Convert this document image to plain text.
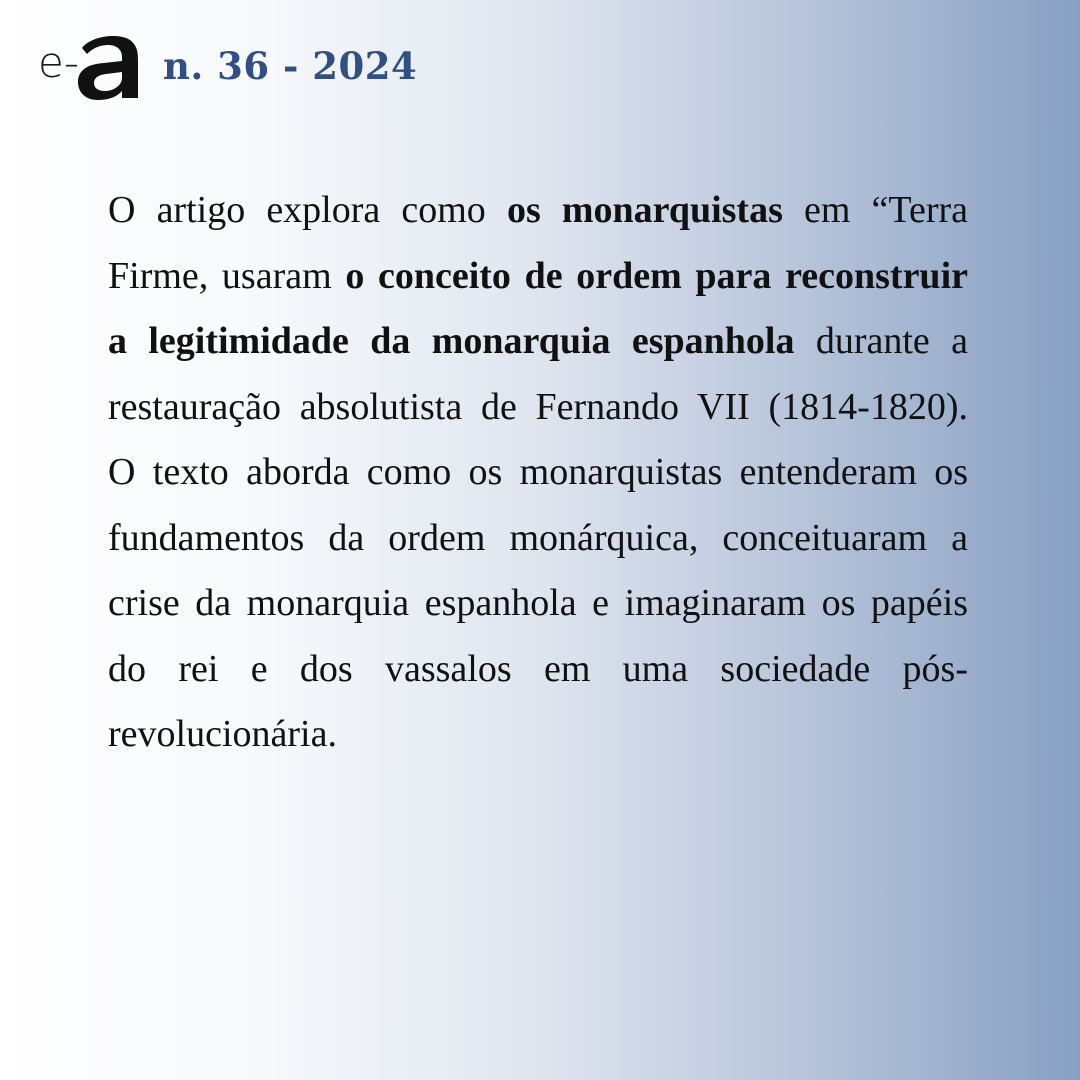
e- n. 36 - 2024
O artigo explora como os monarquistas em “Terra Firme, usaram o conceito de ordem para reconstruir a legitimidade da monarquia espanhola durante a restauração absolutista de Fernando VII (1814-1820). O texto aborda como os monarquistas entenderam os fundamentos da ordem monárquica, conceituaram a crise da monarquia espanhola e imaginaram os papéis do rei e dos vassalos em uma sociedade pós-revolucionária.
